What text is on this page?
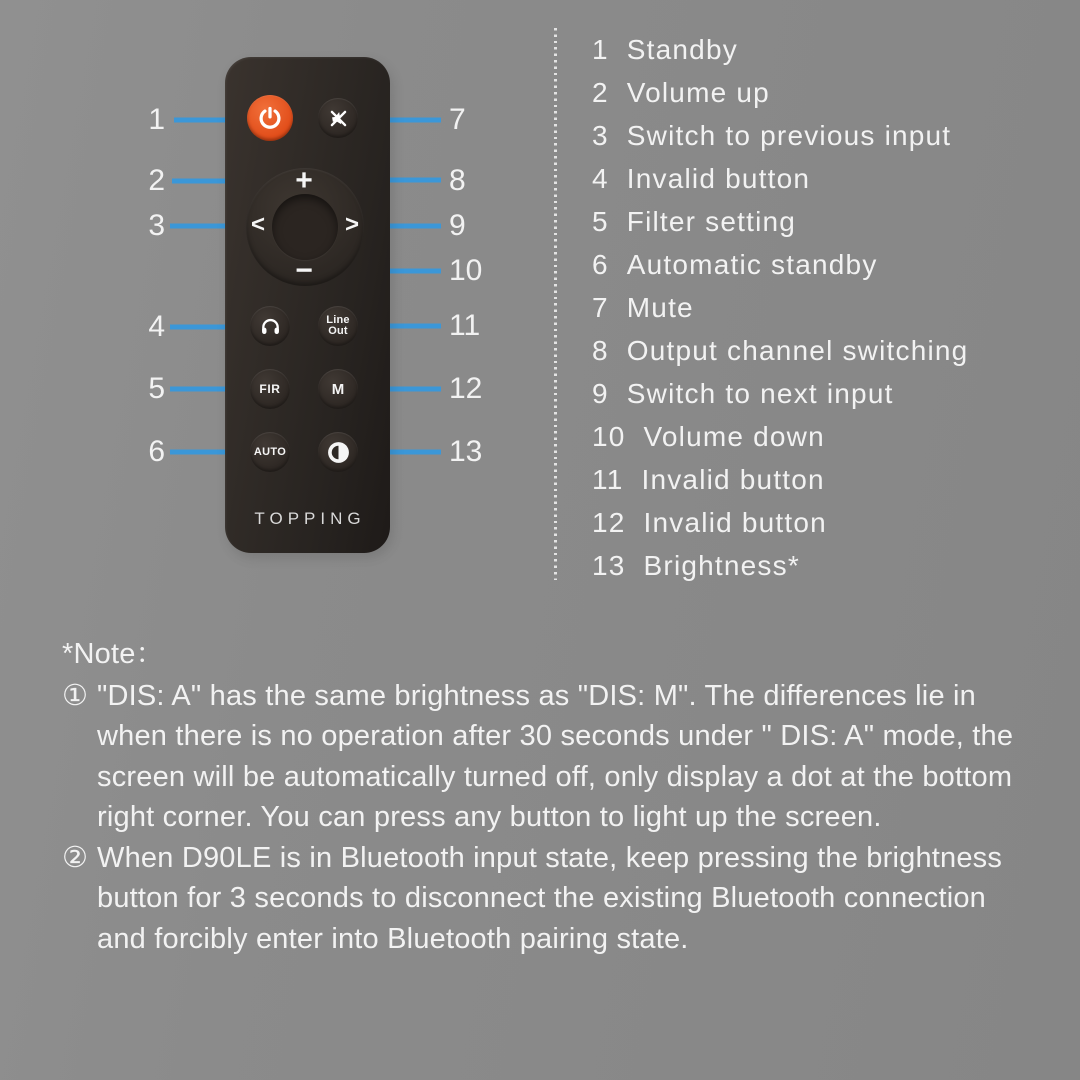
+
−
<	>
Line
Out
FIR	M
AUTO
TOPPING
1
2
3
4
5
6
7
8
9
10
11
12
13
1 Standby
2 Volume up
3 Switch to previous input
4 Invalid button
5 Filter setting
6 Automatic standby
7 Mute
8 Output channel switching
9 Switch to next input
10 Volume down
11 Invalid button
12 Invalid button
13 Brightness*
*Note：
① "DIS: A" has the same brightness as "DIS: M". The differences lie in when there is no operation after 30 seconds under " DIS: A" mode, the screen will be automatically turned off, only display a dot at the bottom right corner. You can press any button to light up the screen.

② When D90LE is in Bluetooth input state, keep pressing the brightness button for 3 seconds to disconnect the existing Bluetooth connection and forcibly enter into Bluetooth pairing state.
